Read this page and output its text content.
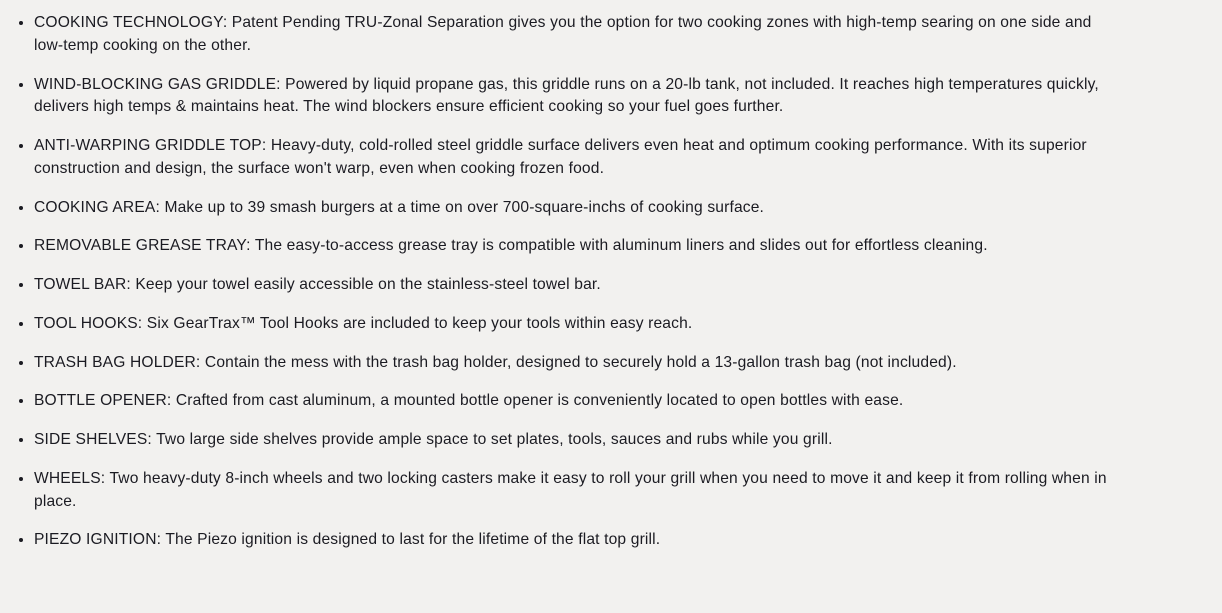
COOKING TECHNOLOGY: Patent Pending TRU-Zonal Separation gives you the option for two cooking zones with high-temp searing on one side and low-temp cooking on the other.
WIND-BLOCKING GAS GRIDDLE: Powered by liquid propane gas, this griddle runs on a 20-lb tank, not included. It reaches high temperatures quickly, delivers high temps & maintains heat. The wind blockers ensure efficient cooking so your fuel goes further.
ANTI-WARPING GRIDDLE TOP: Heavy-duty, cold-rolled steel griddle surface delivers even heat and optimum cooking performance. With its superior construction and design, the surface won't warp, even when cooking frozen food.
COOKING AREA: Make up to 39 smash burgers at a time on over 700-square-inchs of cooking surface.
REMOVABLE GREASE TRAY: The easy-to-access grease tray is compatible with aluminum liners and slides out for effortless cleaning.
TOWEL BAR: Keep your towel easily accessible on the stainless-steel towel bar.
TOOL HOOKS: Six GearTrax™ Tool Hooks are included to keep your tools within easy reach.
TRASH BAG HOLDER: Contain the mess with the trash bag holder, designed to securely hold a 13-gallon trash bag (not included).
BOTTLE OPENER: Crafted from cast aluminum, a mounted bottle opener is conveniently located to open bottles with ease.
SIDE SHELVES: Two large side shelves provide ample space to set plates, tools, sauces and rubs while you grill.
WHEELS: Two heavy-duty 8-inch wheels and two locking casters make it easy to roll your grill when you need to move it and keep it from rolling when in place.
PIEZO IGNITION: The Piezo ignition is designed to last for the lifetime of the flat top grill.
